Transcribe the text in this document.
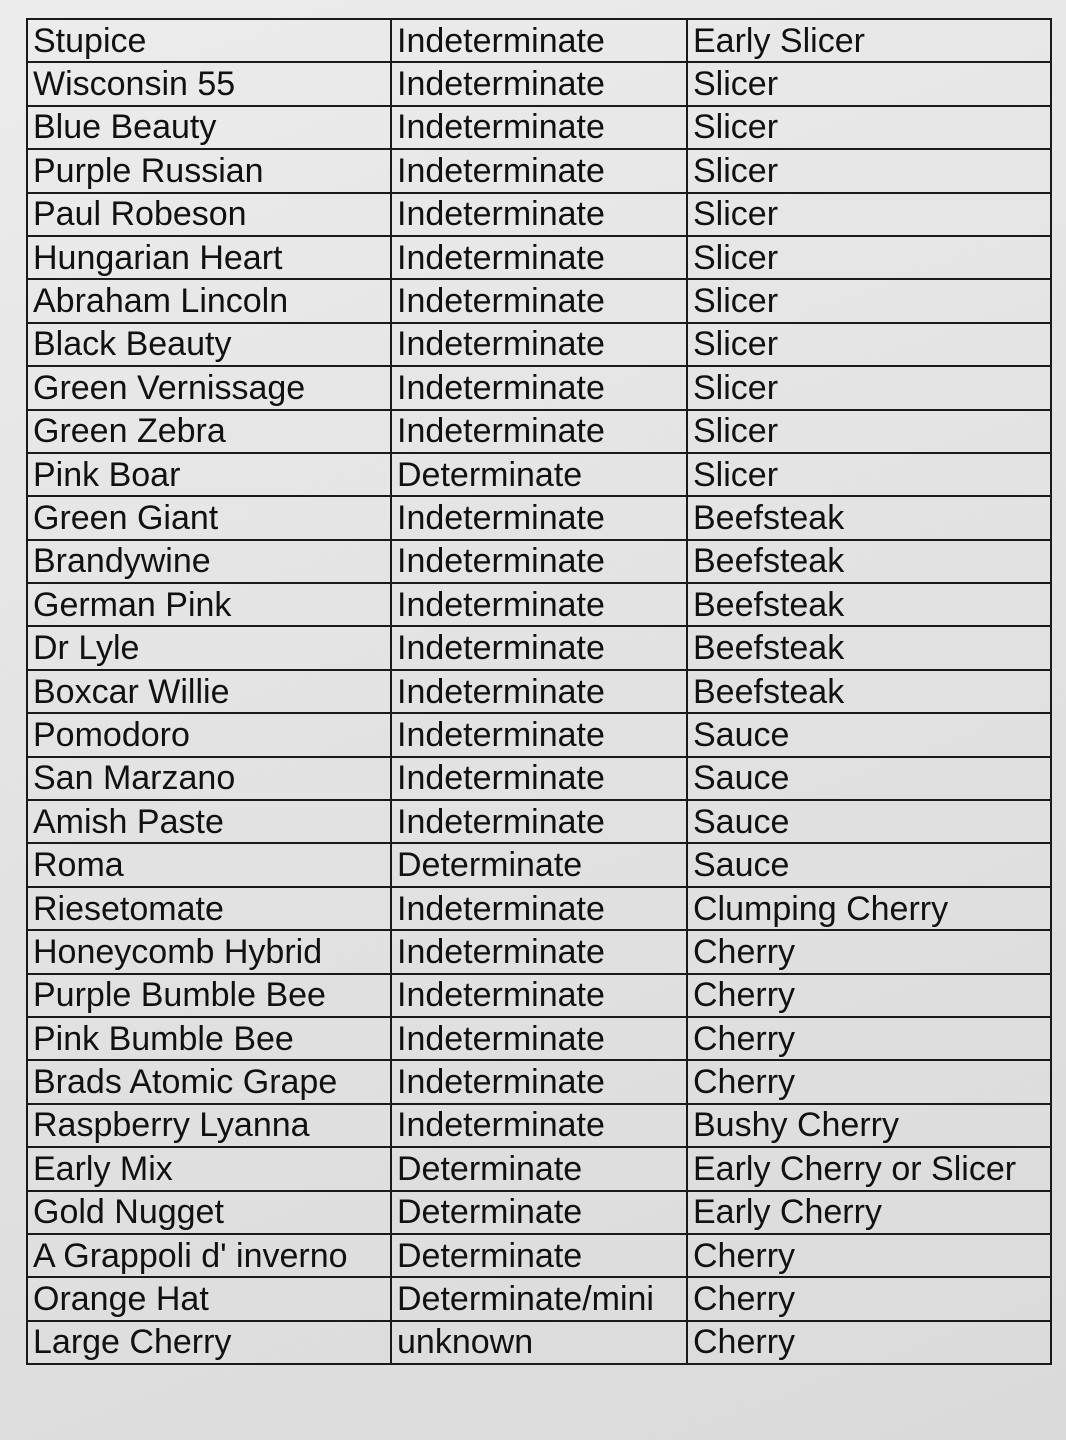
Stupice	Indeterminate	Early Slicer
Wisconsin 55	Indeterminate	Slicer
Blue Beauty	Indeterminate	Slicer
Purple Russian	Indeterminate	Slicer
Paul Robeson	Indeterminate	Slicer
Hungarian Heart	Indeterminate	Slicer
Abraham Lincoln	Indeterminate	Slicer
Black Beauty	Indeterminate	Slicer
Green Vernissage	Indeterminate	Slicer
Green Zebra	Indeterminate	Slicer
Pink Boar	Determinate	Slicer
Green Giant	Indeterminate	Beefsteak
Brandywine	Indeterminate	Beefsteak
German Pink	Indeterminate	Beefsteak
Dr Lyle	Indeterminate	Beefsteak
Boxcar Willie	Indeterminate	Beefsteak
Pomodoro	Indeterminate	Sauce
San Marzano	Indeterminate	Sauce
Amish Paste	Indeterminate	Sauce
Roma	Determinate	Sauce
Riesetomate	Indeterminate	Clumping Cherry
Honeycomb Hybrid	Indeterminate	Cherry
Purple Bumble Bee	Indeterminate	Cherry
Pink Bumble Bee	Indeterminate	Cherry
Brads Atomic Grape	Indeterminate	Cherry
Raspberry Lyanna	Indeterminate	Bushy Cherry
Early Mix	Determinate	Early Cherry or Slicer
Gold Nugget	Determinate	Early Cherry
A Grappoli d' inverno	Determinate	Cherry
Orange Hat	Determinate/mini	Cherry
Large Cherry	unknown	Cherry
